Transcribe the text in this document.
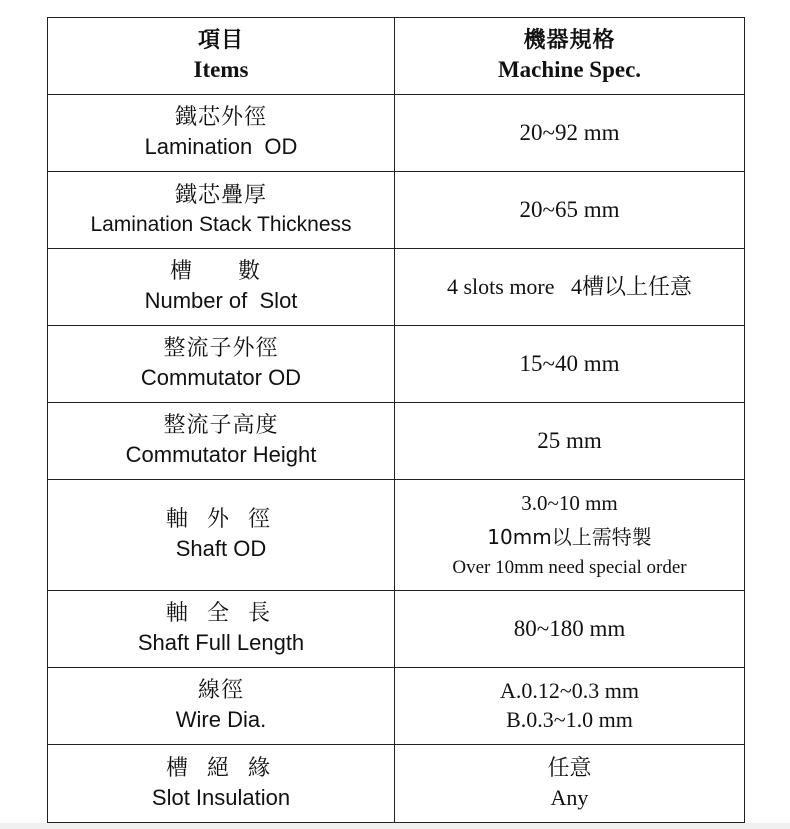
項目
Items	機器規格
Machine Spec.

鐵芯外徑
Lamination  OD	20~92 mm

鐵芯疊厚
Lamination Stack Thickness	20~65 mm

槽　數
Number of  Slot	4 slots more   4槽以上任意

整流子外徑
Commutator OD	15~40 mm

整流子高度
Commutator Height	25 mm

軸 外 徑
Shaft OD	3.0~10 mm
10mm以上需特製
Over 10mm need special order

軸 全 長
Shaft Full Length	80~180 mm

線徑
Wire Dia.	A.0.12~0.3 mm
B.0.3~1.0 mm

槽 絕 緣
Slot Insulation	任意
Any
